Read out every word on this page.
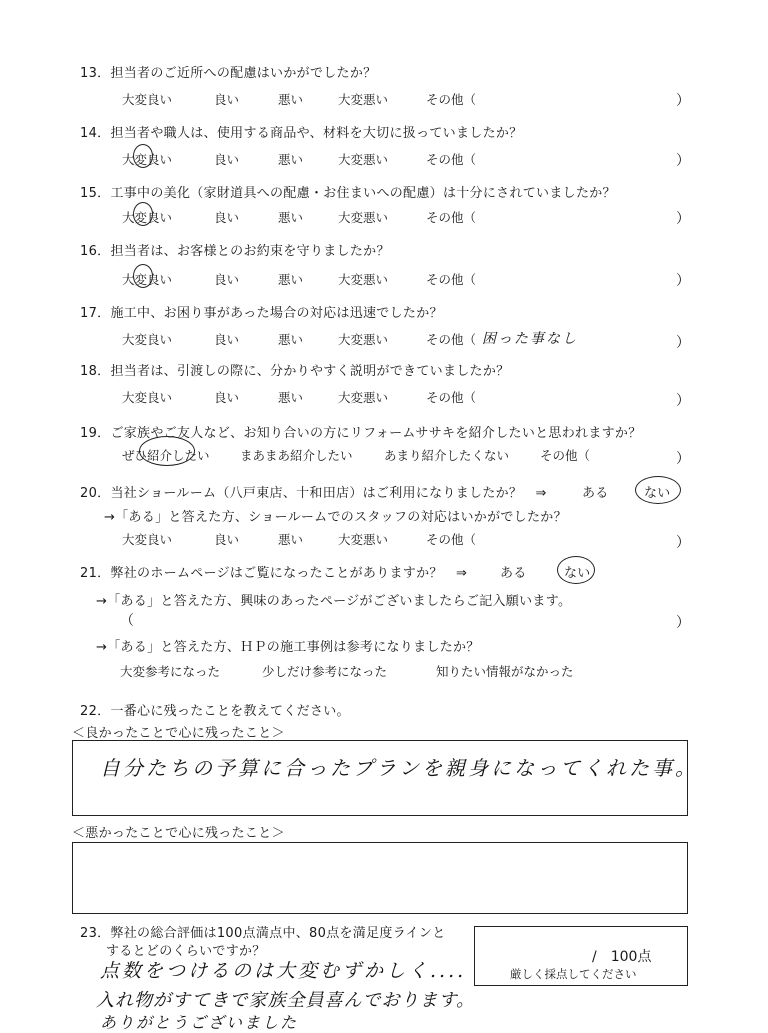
13．担当者のご近所への配慮はいかがでしたか？
大変良い	良い	悪い	大変悪い	その他（	）
14．担当者や職人は、使用する商品や、材料を大切に扱っていましたか？
大変良い	良い	悪い	大変悪い	その他（	）
15．工事中の美化（家財道具への配慮・お住まいへの配慮）は十分にされていましたか？
大変良い	良い	悪い	大変悪い	その他（	）
16．担当者は、お客様とのお約束を守りましたか？
大変良い	良い	悪い	大変悪い	その他（	）
17．施工中、お困り事があった場合の対応は迅速でしたか？
大変良い	良い	悪い	大変悪い	その他（ 困った事なし	）
18．担当者は、引渡しの際に、分かりやすく説明ができていましたか？
大変良い	良い	悪い	大変悪い	その他（	）
19．ご家族やご友人など、お知り合いの方にリフォームササキを紹介したいと思われますか？
ぜひ紹介したい まあまあ紹介したい	あまり紹介したくない その他（	）
20．当社ショールーム（八戸東店、十和田店）はご利用になりましたか？　⇒	ある	ない
→「ある」と答えた方、ショールームでのスタッフの対応はいかがでしたか？
大変良い	良い	悪い	大変悪い	その他（	）
21．弊社のホームページはご覧になったことがありますか？　⇒	ある	ない
→「ある」と答えた方、興味のあったページがございましたらご記入願います。
（	）
→「ある」と答えた方、ＨＰの施工事例は参考になりましたか？
大変参考になった	少しだけ参考になった	知りたい情報がなかった
22．一番心に残ったことを教えてください。
＜良かったことで心に残ったこと＞
自分たちの予算に合ったプランを親身になってくれた事。
＜悪かったことで心に残ったこと＞
23．弊社の総合評価は100点満点中、80点を満足度ラインと
するとどのくらいですか？	/　100点
厳しく採点してください
点数をつけるのは大変むずかしく....
入れ物がすてきで家族全員喜んでおります。
ありがとうございました
